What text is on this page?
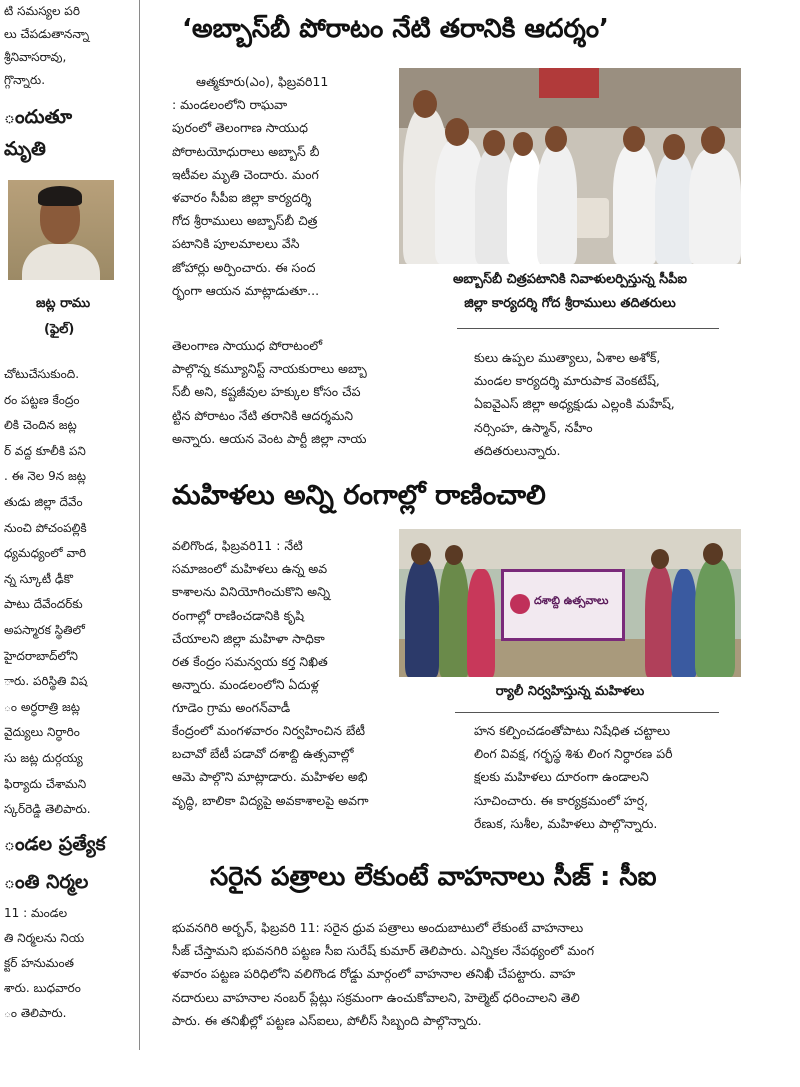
టి సమస్యల పరి
లు చేపడుతానన్నా
శ్రీనివాసరావు,
గ్గొన్నారు.
ందుతూ
మృతి
జట్ల రాము
(ఫైల్)
చోటుచేసుకుంది.
రం పట్టణ కేంద్రం
లికి చెందిన జట్ల
ర్ వద్ద కూలీకి పని
. ఈ నెల 9న జట్ల
తుడు జిల్లా దేవేం
నుంచి పోచంపల్లికి
ధ్యమధ్యంలో వారి
న్న స్కూటీ ఢీకొ
పాటు దేవేందర్‌కు
అపస్మారక స్థితిలో
హైదరాబాద్‌లోని
ారు. పరిస్థితి విష
ం అర్ధరాత్రి జట్ల
వైద్యులు నిర్ధారిం
సు జట్ల దుర్గయ్య
ఫిర్యాదు చేశామని
స్కర్‌రెడ్డి తెలిపారు.
ండల ప్రత్యేక
ంతి నిర్మల
11 : మండల
తి నిర్మలను నియ
క్టర్ హనుమంత
శారు. బుధవారం
ం తెలిపారు.
‘అబ్బాస్‌బీ పోరాటం నేటి తరానికి ఆదర్శం’
ఆత్మకూరు(ఎం), ఫిబ్రవరి11
: మండలంలోని రాఘవా
పురంలో తెలంగాణ సాయుధ
పోరాటయోధురాలు అబ్బాస్ బీ
ఇటీవల మృతి చెందారు. మంగ
ళవారం సీపీఐ జిల్లా కార్యదర్శి
గోద శ్రీరాములు అబ్బాస్‌బీ చిత్ర
పటానికి పూలమాలలు వేసి
జోహార్లు అర్పించారు. ఈ సంద
ర్భంగా ఆయన మాట్లాడుతూ...
అబ్బాస్‌బీ చిత్రపటానికి నివాళులర్పిస్తున్న సీపీఐ
జిల్లా కార్యదర్శి గోద శ్రీరాములు తదితరులు
తెలంగాణ సాయుధ పోరాటంలో
పాల్గొన్న కమ్యూనిస్ట్ నాయకురాలు అబ్బా
స్‌బీ అని, కష్టజీవుల హక్కుల కోసం చేప
ట్టిన పోరాటం నేటి తరానికి ఆదర్శమని
అన్నారు. ఆయన వెంట పార్టీ జిల్లా నాయ
కులు ఉప్పల ముత్యాలు, ఏశాల అశోక్,
మండల కార్యదర్శి మారుపాక వెంకటేష్,
ఏఐవైఎస్ జిల్లా అధ్యక్షుడు ఎల్లంకి మహేష్,
నర్సింహ, ఉస్మాన్, నహీం
తదితరులున్నారు.
మహిళలు అన్ని రంగాల్లో రాణించాలి
వలిగొండ, ఫిబ్రవరి11 : నేటి
సమాజంలో మహిళలు ఉన్న అవ
కాశాలను వినియోగించుకొని అన్ని
రంగాల్లో రాణించడానికి కృషి
చేయాలని జిల్లా మహిళా సాధికా
రత కేంద్రం సమన్వయ కర్త నిఖిత
అన్నారు. మండలంలోని ఏదుళ్ల
గూడెం గ్రామ అంగన్‌వాడీ
దశాబ్ది ఉత్సవాలు
ర్యాలీ నిర్వహిస్తున్న మహిళలు
కేంద్రంలో మంగళవారం నిర్వహించిన బేటీ
బచావో బేటీ పడావో దశాబ్ది ఉత్సవాల్లో
ఆమె పాల్గొని మాట్లాడారు. మహిళల అభి
వృద్ధి, బాలికా విద్యపై అవకాశాలపై అవగా
హన కల్పించడంతోపాటు నిషేధిత చట్టాలు
లింగ వివక్ష, గర్భస్థ శిశు లింగ నిర్ధారణ పరీ
క్షలకు మహిళలు దూరంగా ఉండాలని
సూచించారు. ఈ కార్యక్రమంలో హర్ష,
రేణుక, సుశీల, మహిళలు పాల్గొన్నారు.
సరైన పత్రాలు లేకుంటే వాహనాలు సీజ్ : సీఐ
భువనగిరి అర్బన్, ఫిబ్రవరి 11: సరైన ధ్రువ పత్రాలు అందుబాటులో లేకుంటే వాహనాలు
సీజ్ చేస్తామని భువనగిరి పట్టణ సీఐ సురేష్ కుమార్ తెలిపారు. ఎన్నికల నేపథ్యంలో మంగ
ళవారం పట్టణ పరిధిలోని వలిగొండ రోడ్డు మార్గంలో వాహనాల తనిఖీ చేపట్టారు. వాహ
నదారులు వాహనాల నంబర్ ప్లేట్లు సక్రమంగా ఉంచుకోవాలని, హెల్మెట్ ధరించాలని తెలి
పారు. ఈ తనిఖీల్లో పట్టణ ఎస్ఐలు, పోలీస్ సిబ్బంది పాల్గొన్నారు.
